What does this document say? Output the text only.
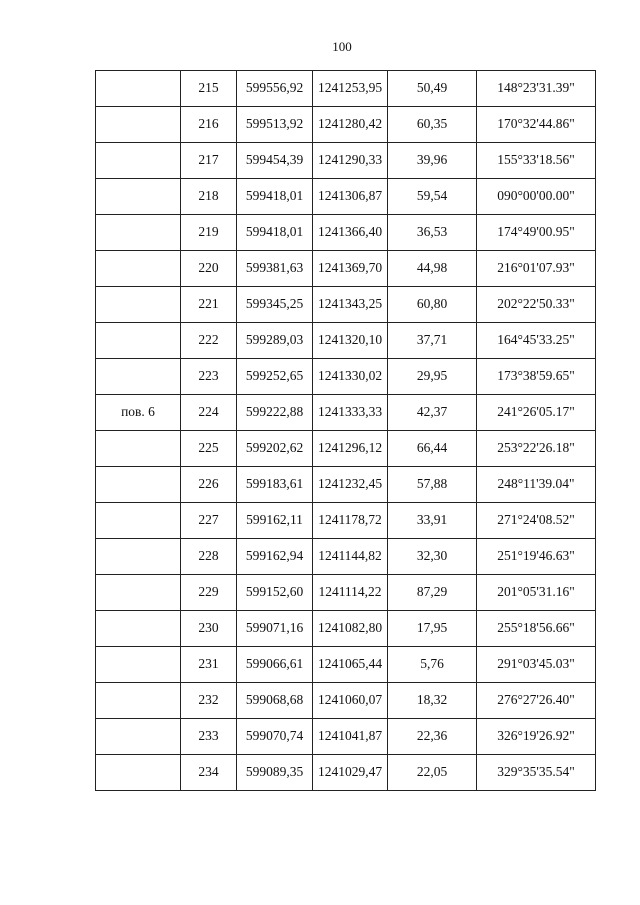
100
	215	599556,92	1241253,95	50,49	148°23'31.39"
	216	599513,92	1241280,42	60,35	170°32'44.86"
	217	599454,39	1241290,33	39,96	155°33'18.56"
	218	599418,01	1241306,87	59,54	090°00'00.00"
	219	599418,01	1241366,40	36,53	174°49'00.95"
	220	599381,63	1241369,70	44,98	216°01'07.93"
	221	599345,25	1241343,25	60,80	202°22'50.33"
	222	599289,03	1241320,10	37,71	164°45'33.25"
	223	599252,65	1241330,02	29,95	173°38'59.65"
пов. 6	224	599222,88	1241333,33	42,37	241°26'05.17"
	225	599202,62	1241296,12	66,44	253°22'26.18"
	226	599183,61	1241232,45	57,88	248°11'39.04"
	227	599162,11	1241178,72	33,91	271°24'08.52"
	228	599162,94	1241144,82	32,30	251°19'46.63"
	229	599152,60	1241114,22	87,29	201°05'31.16"
	230	599071,16	1241082,80	17,95	255°18'56.66"
	231	599066,61	1241065,44	5,76	291°03'45.03"
	232	599068,68	1241060,07	18,32	276°27'26.40"
	233	599070,74	1241041,87	22,36	326°19'26.92"
	234	599089,35	1241029,47	22,05	329°35'35.54"
